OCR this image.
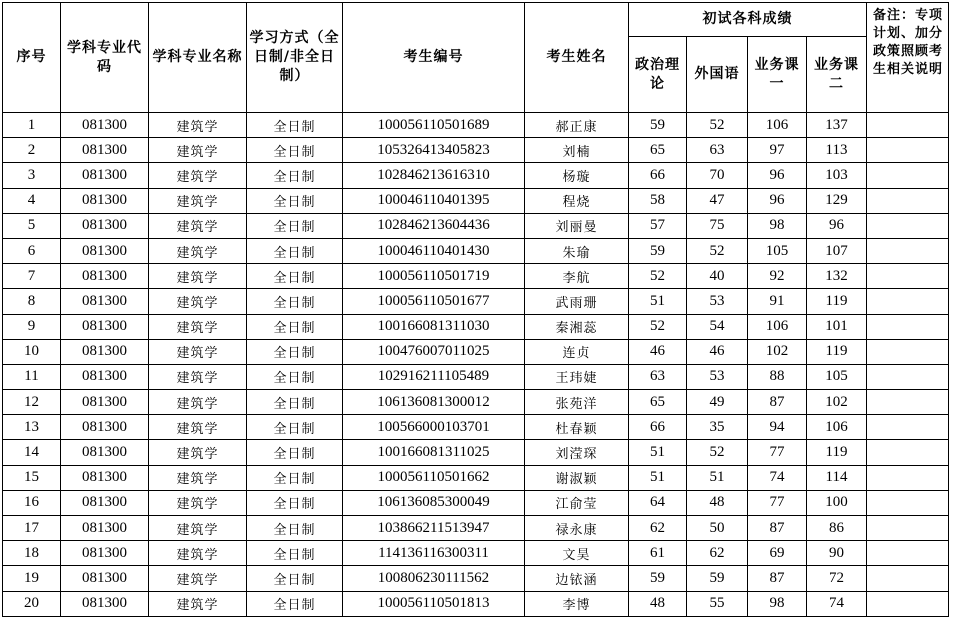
序号	学科专业代码	学科专业名称	学习方式（全日制/非全日制）	考生编号	考生姓名	初试各科成绩				备注：专项计划、加分政策照顾考生相关说明
						政治理论	外国语	业务课一	业务课二	
1	081300	建筑学	全日制	100056110501689	郝正康	59	52	106	137	
2	081300	建筑学	全日制	105326413405823	刘楠	65	63	97	113	
3	081300	建筑学	全日制	102846213616310	杨璇	66	70	96	103	
4	081300	建筑学	全日制	100046110401395	程烧	58	47	96	129	
5	081300	建筑学	全日制	102846213604436	刘丽曼	57	75	98	96	
6	081300	建筑学	全日制	100046110401430	朱瑜	59	52	105	107	
7	081300	建筑学	全日制	100056110501719	李航	52	40	92	132	
8	081300	建筑学	全日制	100056110501677	武雨珊	51	53	91	119	
9	081300	建筑学	全日制	100166081311030	秦湘蕊	52	54	106	101	
10	081300	建筑学	全日制	100476007011025	连贞	46	46	102	119	
11	081300	建筑学	全日制	102916211105489	王玮婕	63	53	88	105	
12	081300	建筑学	全日制	106136081300012	张苑洋	65	49	87	102	
13	081300	建筑学	全日制	100566000103701	杜春颖	66	35	94	106	
14	081300	建筑学	全日制	100166081311025	刘滢琛	51	52	77	119	
15	081300	建筑学	全日制	100056110501662	谢淑颖	51	51	74	114	
16	081300	建筑学	全日制	106136085300049	江俞莹	64	48	77	100	
17	081300	建筑学	全日制	103866211513947	禄永康	62	50	87	86	
18	081300	建筑学	全日制	114136116300311	文昊	61	62	69	90	
19	081300	建筑学	全日制	100806230111562	边铱涵	59	59	87	72	
20	081300	建筑学	全日制	100056110501813	李博	48	55	98	74	
